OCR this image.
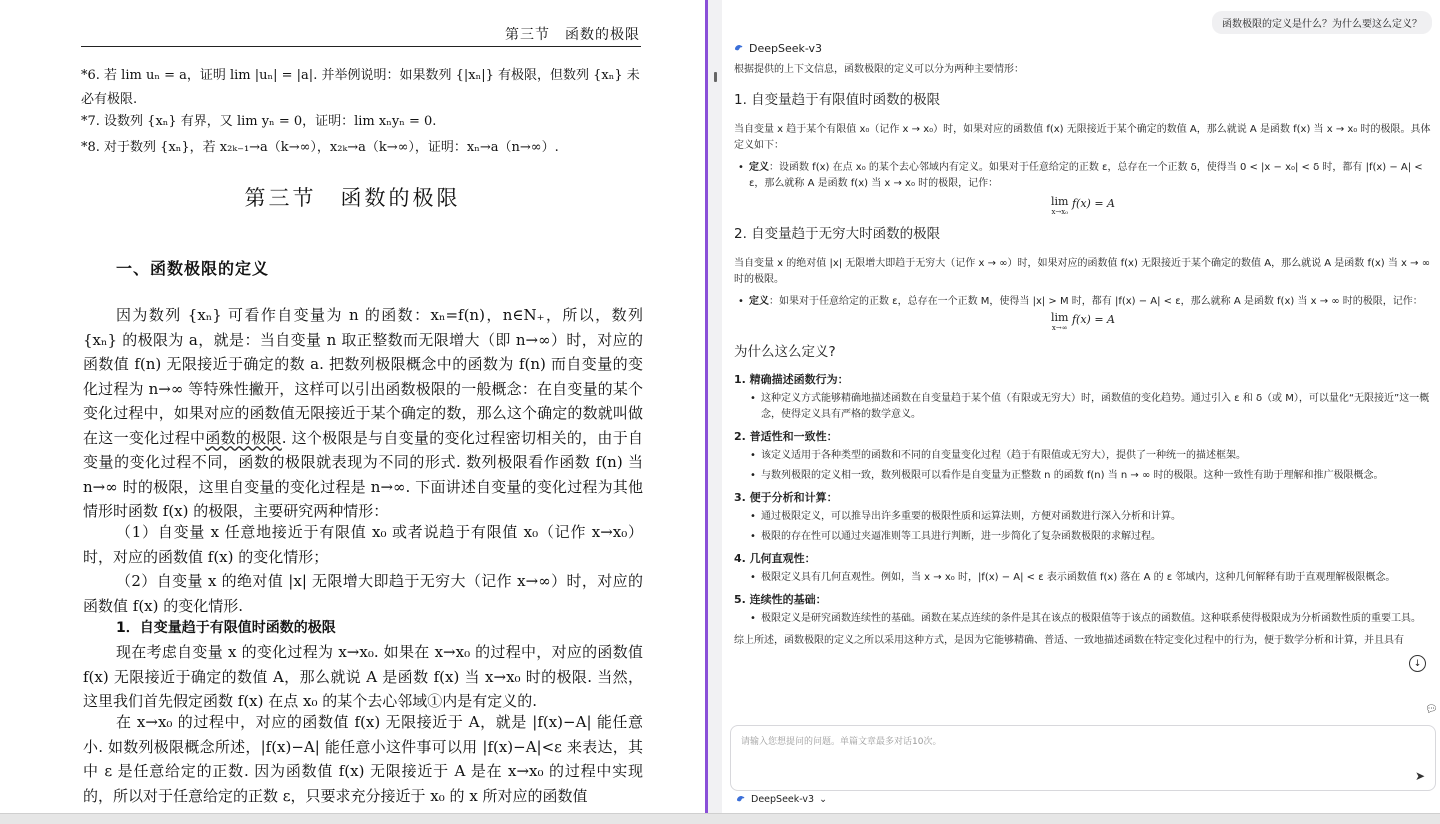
第三节　函数的极限
*6. 若 lim uₙ = a，证明 lim |uₙ| = |a|. 并举例说明：如果数列 {|xₙ|} 有极限，但数列 {xₙ} 未
必有极限.
*7. 设数列 {xₙ} 有界，又 lim yₙ = 0，证明：lim xₙyₙ = 0.
*8. 对于数列 {xₙ}，若 x₂ₖ₋₁→a（k→∞），x₂ₖ→a（k→∞），证明：xₙ→a（n→∞）.
第三节　函数的极限
一、函数极限的定义
因为数列 {xₙ} 可看作自变量为 n 的函数：xₙ=f(n)，n∈N₊，所以，数列 {xₙ} 的极限为 a，就是：当自变量 n 取正整数而无限增大（即 n→∞）时，对应的函数值 f(n) 无限接近于确定的数 a. 把数列极限概念中的函数为 f(n) 而自变量的变化过程为 n→∞ 等特殊性撇开，这样可以引出函数极限的一般概念：在自变量的某个变化过程中，如果对应的函数值无限接近于某个确定的数，那么这个确定的数就叫做在这一变化过程中函数的极限. 这个极限是与自变量的变化过程密切相关的，由于自变量的变化过程不同，函数的极限就表现为不同的形式. 数列极限看作函数 f(n) 当 n→∞ 时的极限，这里自变量的变化过程是 n→∞. 下面讲述自变量的变化过程为其他情形时函数 f(x) 的极限，主要研究两种情形：
（1）自变量 x 任意地接近于有限值 x₀ 或者说趋于有限值 x₀（记作 x→x₀）时，对应的函数值 f(x) 的变化情形；
（2）自变量 x 的绝对值 |x| 无限增大即趋于无穷大（记作 x→∞）时，对应的函数值 f(x) 的变化情形.
1．自变量趋于有限值时函数的极限
现在考虑自变量 x 的变化过程为 x→x₀. 如果在 x→x₀ 的过程中，对应的函数值 f(x) 无限接近于确定的数值 A，那么就说 A 是函数 f(x) 当 x→x₀ 时的极限. 当然，这里我们首先假定函数 f(x) 在点 x₀ 的某个去心邻域①内是有定义的.
在 x→x₀ 的过程中，对应的函数值 f(x) 无限接近于 A，就是 |f(x)−A| 能任意小. 如数列极限概念所述，|f(x)−A| 能任意小这件事可以用 |f(x)−A|<ε 来表达，其中 ε 是任意给定的正数. 因为函数值 f(x) 无限接近于 A 是在 x→x₀ 的过程中实现的，所以对于任意给定的正数 ε，只要求充分接近于 x₀ 的 x 所对应的函数值
函数极限的定义是什么？为什么要这么定义？
DeepSeek-v3

根据提供的上下文信息，函数极限的定义可以分为两种主要情形：

1. 自变量趋于有限值时函数的极限

当自变量 x 趋于某个有限值 x₀（记作 x → x₀）时，如果对应的函数值 f(x) 无限接近于某个确定的数值 A，那么就说 A 是函数 f(x) 当 x → x₀ 时的极限。具体定义如下：

• 定义：设函数 f(x) 在点 x₀ 的某个去心邻域内有定义。如果对于任意给定的正数 ε，总存在一个正数 δ，使得当 0 < |x − x₀| < δ 时，都有 |f(x) − A| < ε，那么就称 A 是函数 f(x) 当 x → x₀ 时的极限，记作：
lim
x→x₀
f(x) = A

2. 自变量趋于无穷大时函数的极限

当自变量 x 的绝对值 |x| 无限增大即趋于无穷大（记作 x → ∞）时，如果对应的函数值 f(x) 无限接近于某个确定的数值 A，那么就说 A 是函数 f(x) 当 x → ∞ 时的极限。

• 定义：如果对于任意给定的正数 ε，总存在一个正数 M，使得当 |x| > M 时，都有 |f(x) − A| < ε，那么就称 A 是函数 f(x) 当 x → ∞ 时的极限，记作：
lim
x→∞
f(x) = A

为什么这么定义?

1. 精确描述函数行为：
• 这种定义方式能够精确地描述函数在自变量趋于某个值（有限或无穷大）时，函数值的变化趋势。通过引入 ε 和 δ（或 M），可以量化“无限接近”这一概念，使得定义具有严格的数学意义。
2. 普适性和一致性：
• 该定义适用于各种类型的函数和不同的自变量变化过程（趋于有限值或无穷大），提供了一种统一的描述框架。
• 与数列极限的定义相一致，数列极限可以看作是自变量为正整数 n 的函数 f(n) 当 n → ∞ 时的极限。这种一致性有助于理解和推广极限概念。
3. 便于分析和计算：
• 通过极限定义，可以推导出许多重要的极限性质和运算法则，方便对函数进行深入分析和计算。
• 极限的存在性可以通过夹逼准则等工具进行判断，进一步简化了复杂函数极限的求解过程。
4. 几何直观性：
• 极限定义具有几何直观性。例如，当 x → x₀ 时，|f(x) − A| < ε 表示函数值 f(x) 落在 A 的 ε 邻域内，这种几何解释有助于直观理解极限概念。
5. 连续性的基础：
• 极限定义是研究函数连续性的基础。函数在某点连续的条件是其在该点的极限值等于该点的函数值。这种联系使得极限成为分析函数性质的重要工具。

综上所述，函数极限的定义之所以采用这种方式，是因为它能够精确、普适、一致地描述函数在特定变化过程中的行为，便于数学分析和计算，并且具有

↓
💬︎
请输入您想提问的问题。单篇文章最多对话10次。
➤
DeepSeek-v3 ⌄
